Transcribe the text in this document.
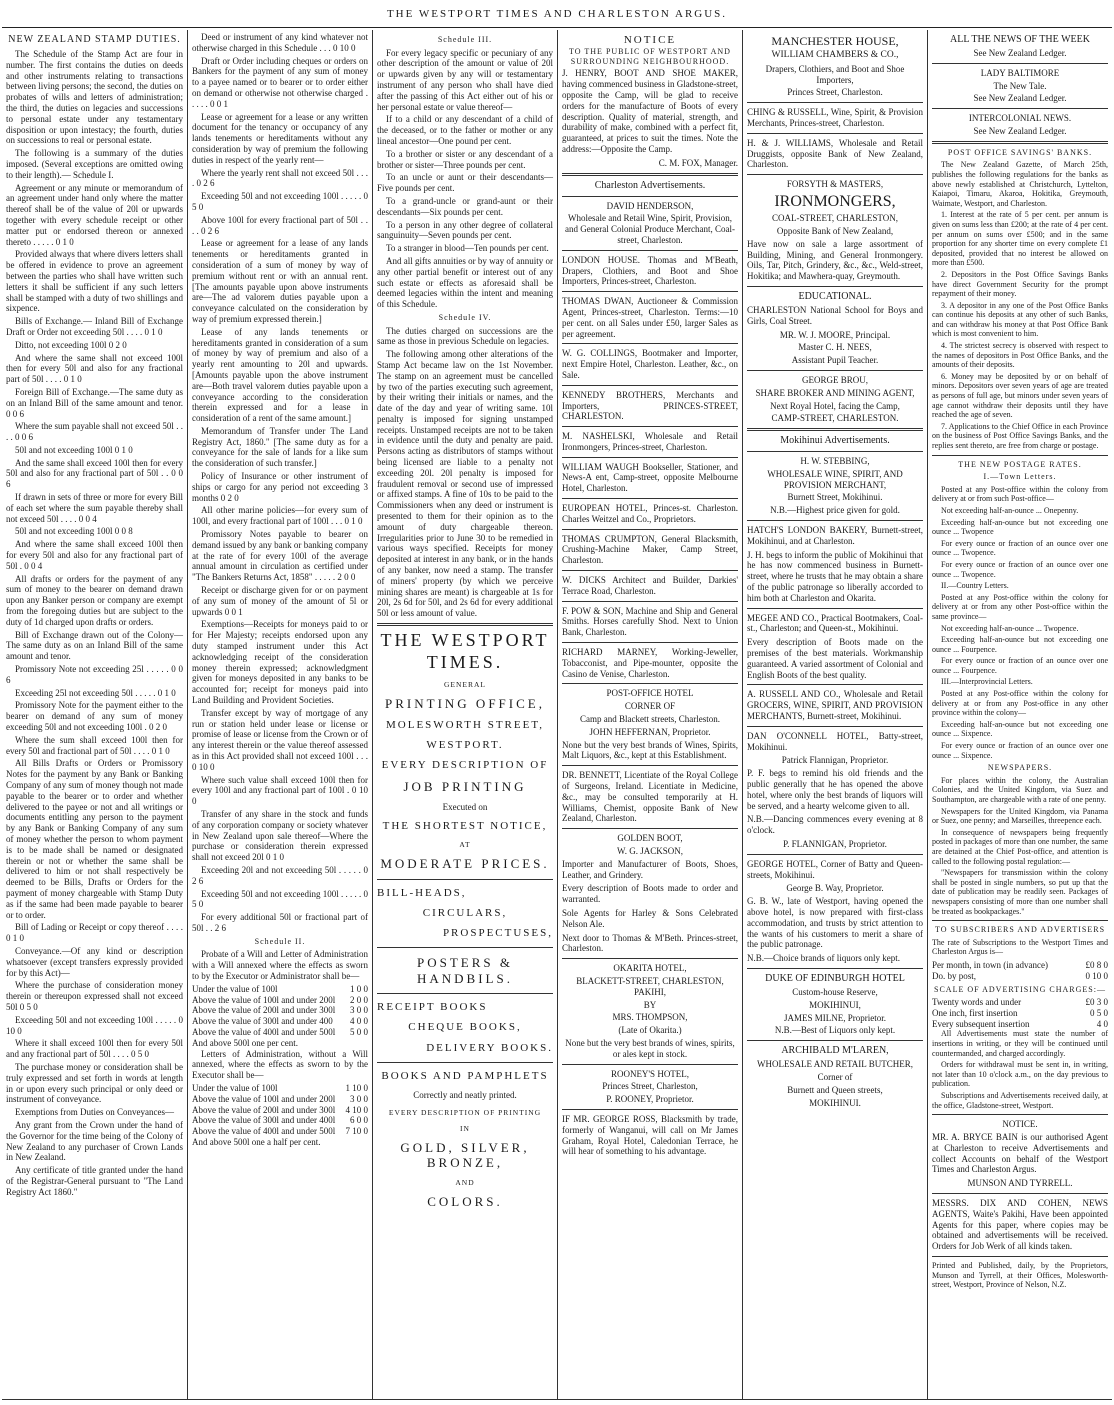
THE WESTPORT TIMES AND CHARLESTON ARGUS.
NEW ZEALAND STAMP DUTIES.

The Schedule of the Stamp Act are four in number. The first contains the duties on deeds and other instruments relating to transactions between living persons; the second, the duties on probates of wills and letters of administration; the third, the duties on legacies and successions to personal estate under any testamentary disposition or upon intestacy; the fourth, duties on successions to real or personal estate.

The following is a summary of the duties imposed. (Several exceptions are omitted owing to their length).— Schedule I.

Agreement or any minute or memorandum of an agreement under hand only where the matter thereof shall be of the value of 20l or upwards together with every schedule receipt or other matter put or endorsed thereon or annexed thereto . . . . . 0 1 0

Provided always that where divers letters shall be offered in evidence to prove an agreement between the parties who shall have written such letters it shall be sufficient if any such letters shall be stamped with a duty of two shillings and sixpence.

Bills of Exchange.— Inland Bill of Exchange Draft or Order not exceeding 50l . . . . 0 1 0

Ditto, not exceeding 100l 0 2 0

And where the same shall not exceed 100l then for every 50l and also for any fractional part of 50l . . . . 0 1 0

Foreign Bill of Exchange.—The same duty as on an Inland Bill of the same amount and tenor. 0 0 6

Where the sum payable shall not exceed 50l . . . . 0 0 6

50l and not exceeding 100l 0 1 0

And the same shall exceed 100l then for every 50l and also for any fractional part of 50l . . 0 0 6

If drawn in sets of three or more for every Bill of each set where the sum payable thereby shall not exceed 50l . . . . 0 0 4

50l and not exceeding 100l 0 0 8

And where the same shall exceed 100l then for every 50l and also for any fractional part of 50l . 0 0 4

All drafts or orders for the payment of any sum of money to the bearer on demand drawn upon any Banker person or company are exempt from the foregoing duties but are subject to the duty of 1d charged upon drafts or orders.

Bill of Exchange drawn out of the Colony—The same duty as on an Inland Bill of the same amount and tenor.

Promissory Note not exceeding 25l . . . . . 0 0 6

Exceeding 25l not exceeding 50l . . . . . 0 1 0

Promissory Note for the payment either to the bearer on demand of any sum of money exceeding 50l and not exceeding 100l . 0 2 0

Where the sum shall exceed 100l then for every 50l and fractional part of 50l . . . . 0 1 0

All Bills Drafts or Orders or Promissory Notes for the payment by any Bank or Banking Company of any sum of money though not made payable to the bearer or to order and whether delivered to the payee or not and all writings or documents entitling any person to the payment by any Bank or Banking Company of any sum of money whether the person to whom payment is to be made shall be named or designated therein or not or whether the same shall be delivered to him or not shall respectively be deemed to be Bills, Drafts or Orders for the payment of money chargeable with Stamp Duty as if the same had been made payable to bearer or to order.

Bill of Lading or Receipt or copy thereof . . . . 0 1 0

Conveyance.—Of any kind or description whatsoever (except transfers expressly provided for by this Act)—

Where the purchase of consideration money therein or thereupon expressed shall not exceed 50l 0 5 0

Exceeding 50l and not exceeding 100l . . . . . 0 10 0

Where it shall exceed 100l then for every 50l and any fractional part of 50l . . . . 0 5 0

The purchase money or consideration shall be truly expressed and set forth in words at length in or upon every such principal or only deed or instrument of conveyance.

Exemptions from Duties on Conveyances—

Any grant from the Crown under the hand of the Governor for the time being of the Colony of New Zealand to any purchaser of Crown Lands in New Zealand.

Any certificate of title granted under the hand of the Registrar-General pursuant to "The Land Registry Act 1860."

Deed or instrument of any kind whatever not otherwise charged in this Schedule . . . 0 10 0

Draft or Order including cheques or orders on Bankers for the payment of any sum of money to a payee named or to bearer or to order either on demand or otherwise not otherwise charged . . . . . 0 0 1

Lease or agreement for a lease or any written document for the tenancy or occupancy of any lands tenements or hereditaments without any consideration by way of premium the following duties in respect of the yearly rent—

Where the yearly rent shall not exceed 50l . . . . 0 2 6

Exceeding 50l and not exceeding 100l . . . . . 0 5 0

Above 100l for every fractional part of 50l . . . . 0 2 6

Lease or agreement for a lease of any lands tenements or hereditaments granted in consideration of a sum of money by way of premium without rent or with an annual rent. [The amounts payable upon above instruments are—The ad valorem duties payable upon a conveyance calculated on the consideration by way of premium expressed therein.]

Lease of any lands tenements or hereditaments granted in consideration of a sum of money by way of premium and also of a yearly rent amounting to 20l and upwards. [Amounts payable upon the above instrument are—Both travel valorem duties payable upon a conveyance according to the consideration therein expressed and for a lease in consideration of a rent of the same amount.]

Memorandum of Transfer under The Land Registry Act, 1860." [The same duty as for a conveyance for the sale of lands for a like sum the consideration of such transfer.]

Policy of Insurance or other instrument of ships or cargo for any period not exceeding 3 months 0 2 0

All other marine policies—for every sum of 100l, and every fractional part of 100l . . . 0 1 0

Promissory Notes payable to bearer on demand issued by any bank or banking company at the rate of for every 100l of the average annual amount in circulation as certified under "The Bankers Returns Act, 1858" . . . . . 2 0 0

Receipt or discharge given for or on payment of any sum of money of the amount of 5l or upwards 0 0 1

Exemptions—Receipts for moneys paid to or for Her Majesty; receipts endorsed upon any duty stamped instrument under this Act acknowledging receipt of the consideration money therein expressed; acknowledgment given for moneys deposited in any banks to be accounted for; receipt for moneys paid into Land Building and Provident Societies.

Transfer except by way of mortgage of any run or station held under lease or license or promise of lease or license from the Crown or of any interest therein or the value thereof assessed as in this Act provided shall not exceed 100l . . . 0 10 0

Where such value shall exceed 100l then for every 100l and any fractional part of 100l . 0 10 0

Transfer of any share in the stock and funds of any corporation company or society whatever in New Zealand upon sale thereof—Where the purchase or consideration therein expressed shall not exceed 20l 0 1 0

Exceeding 20l and not exceeding 50l . . . . . 0 2 6

Exceeding 50l and not exceeding 100l . . . . . 0 5 0

For every additional 50l or fractional part of 50l . . 2 6

Schedule II.

Probate of a Will and Letter of Administration with a Will annexed where the effects as sworn to by the Executor or Administrator shall be—

Under the value of 100l	1 0 0
Above the value of 100l and under 200l 2 0 0
Above the value of 200l and under 300l 3 0 0
Above the value of 300l and under 400 4 0 0
Above the value of 400l and under 500l 5 0 0
And above 500l one per cent.

Letters of Administration, without a Will annexed, where the effects as sworn to by the Executor shall be—

Under the value of 100l	1 10 0
Above the value of 100l and under 200l 3 0 0
Above the value of 200l and under 300l 4 10 0
Above the value of 300l and under 400l 6 0 0
Above the value of 400l and under 500l 7 10 0
And above 500l one a half per cent.
Schedule III.

For every legacy specific or pecuniary of any other description of the amount or value of 20l or upwards given by any will or testamentary instrument of any person who shall have died after the passing of this Act either out of his or her personal estate or value thereof—

If to a child or any descendant of a child of the deceased, or to the father or mother or any lineal ancestor—One pound per cent.

To a brother or sister or any descendant of a brother or sister—Three pounds per cent.

To an uncle or aunt or their descendants—Five pounds per cent.

To a grand-uncle or grand-aunt or their descendants—Six pounds per cent.

To a person in any other degree of collateral sanguinuity—Seven pounds per cent.

To a stranger in blood—Ten pounds per cent.

And all gifts annuities or by way of annuity or any other partial benefit or interest out of any such estate or effects as aforesaid shall be deemed legacies within the intent and meaning of this Schedule.

Schedule IV.

The duties charged on successions are the same as those in previous Schedule on legacies.

The following among other alterations of the Stamp Act became law on the 1st November. The stamp on an agreement must be cancelled by two of the parties executing such agreement, by their writing their initials or names, and the date of the day and year of writing same. 10l penalty is imposed for signing unstamped receipts. Unstamped receipts are not to be taken in evidence until the duty and penalty are paid. Persons acting as distributors of stamps without being licensed are liable to a penalty not exceeding 20l. 20l penalty is imposed for fraudulent removal or second use of impressed or affixed stamps. A fine of 10s to be paid to the Commissioners when any deed or instrument is presented to them for their opinion as to the amount of duty chargeable thereon. Irregularities prior to June 30 to be remedied in various ways specified. Receipts for money deposited at interest in any bank, or in the hands of any banker, now need a stamp. The transfer of miners' property (by which we perceive mining shares are meant) is chargeable at 1s for 20l, 2s 6d for 50l, and 2s 6d for every additional 50l or less amount of value.

THE WESTPORT TIMES.
GENERAL
PRINTING OFFICE,
MOLESWORTH STREET,
WESTPORT.
EVERY DESCRIPTION OF
JOB PRINTING
Executed on
THE SHORTEST NOTICE,
AT
MODERATE PRICES.
BILL-HEADS,
CIRCULARS,
PROSPECTUSES,
POSTERS & HANDBILS.
RECEIPT BOOKS
CHEQUE BOOKS,
DELIVERY BOOKS.
BOOKS AND PAMPHLETS
Correctly and neatly printed.
EVERY DESCRIPTION OF PRINTING
IN
GOLD, SILVER, BRONZE,
AND
COLORS.
NOTICE
TO THE PUBLIC OF WESTPORT AND SURROUNDING NEIGHBOURHOOD.
J. HENRY, BOOT AND SHOE MAKER, having commenced business in Gladstone-street, opposite the Camp, will be glad to receive orders for the manufacture of Boots of every description. Quality of material, strength, and durability of make, combined with a perfect fit, guaranteed, at prices to suit the times. Note the address:—Opposite the Camp.
C. M. FOX, Manager.
Charleston Advertisements.
DAVID HENDERSON,
Wholesale and Retail Wine, Spirit, Provision, and General Colonial Produce Merchant, Coal-street, Charleston.
LONDON HOUSE. Thomas and M'Beath, Drapers, Clothiers, and Boot and Shoe Importers, Princes-street, Charleston.
THOMAS DWAN, Auctioneer & Commission Agent, Princes-street, Charleston. Terms:—10 per cent. on all Sales under £50, larger Sales as per agreement.
W. G. COLLINGS, Bootmaker and Importer, next Empire Hotel, Charleston. Leather, &c., on Sale.
KENNEDY BROTHERS, Merchants and Importers, PRINCES-STREET, CHARLESTON.
M. NASHELSKI, Wholesale and Retail Ironmongers, Princes-street, Charleston.
WILLIAM WAUGH Bookseller, Stationer, and News-A ent, Camp-street, opposite Melbourne Hotel, Charleston.
EUROPEAN HOTEL, Princes-st. Charleston. Charles Weitzel and Co., Proprietors.
THOMAS CRUMPTON, General Blacksmith, Crushing-Machine Maker, Camp Street, Charleston.
W. DICKS Architect and Builder, Darkies' Terrace Road, Charleston.
F. POW & SON, Machine and Ship and General Smiths. Horses carefully Shod. Next to Union Bank, Charleston.
RICHARD MARNEY, Working-Jeweller, Tobacconist, and Pipe-mounter, opposite the Casino de Venise, Charleston.
POST-OFFICE HOTEL
CORNER OF
Camp and Blackett streets, Charleston.
JOHN HEFFERNAN, Proprietor.
None but the very best brands of Wines, Spirits, Malt Liquors, &c., kept at this Establishment.
DR. BENNETT, Licentiate of the Royal College of Surgeons, Ireland. Licentiate in Medicine, &c., may be consulted temporarily at H. Williams, Chemist, opposite Bank of New Zealand, Charleston.
GOLDEN BOOT,
W. G. JACKSON,
Importer and Manufacturer of Boots, Shoes, Leather, and Grindery.
Every description of Boots made to order and warranted.
Sole Agents for Harley & Sons Celebrated Nelson Ale.
Next door to Thomas & M'Beth. Princes-street, Charleston.
OKARITA HOTEL,
BLACKETT-STREET, CHARLESTON, PAKIHI,
BY
MRS. THOMPSON,
(Late of Okarita.)
None but the very best brands of wines, spirits, or ales kept in stock.
ROONEY'S HOTEL,
Princes Street, Charleston,
P. ROONEY, Proprietor.
IF MR. GEORGE ROSS, Blacksmith by trade, formerly of Wanganui, will call on Mr James Graham, Royal Hotel, Caledonian Terrace, he will hear of something to his advantage.
MANCHESTER HOUSE,
WILLIAM CHAMBERS & CO.,
Drapers, Clothiers, and Boot and Shoe Importers,
Princes Street, Charleston.
CHING & RUSSELL, Wine, Spirit, & Provision Merchants, Princes-street, Charleston.
H. & J. WILLIAMS, Wholesale and Retail Druggists, opposite Bank of New Zealand, Charleston.
FORSYTH & MASTERS,
IRONMONGERS,
COAL-STREET, CHARLESTON,
Opposite Bank of New Zealand,
Have now on sale a large assortment of Building, Mining, and General Ironmongery. Oils, Tar, Pitch, Grindery, &c., &c., Weld-street, Hokitika; and Mawhera-quay, Greymouth.
EDUCATIONAL.
CHARLESTON National School for Boys and Girls, Coal Street.
MR. W. J. MOORE, Principal.
Master C. H. NEES,
Assistant Pupil Teacher.
GEORGE BROU,
SHARE BROKER AND MINING AGENT,
Next Royal Hotel, facing the Camp,
CAMP-STREET, CHARLESTON.
Mokihinui Advertisements.
H. W. STEBBING,
WHOLESALE WINE, SPIRIT, AND PROVISION MERCHANT,
Burnett Street, Mokihinui.
N.B.—Highest price given for gold.
HATCH'S LONDON BAKERY, Burnett-street, Mokihinui, and at Charleston.
J. H. begs to inform the public of Mokihinui that he has now commenced business in Burnett-street, where he trusts that he may obtain a share of the public patronage so liberally accorded to him both at Charleston and Okarita.
MEGEE AND CO., Practical Bootmakers, Coal-st., Charleston; and Queen-st., Mokihinui.
Every description of Boots made on the premises of the best materials. Workmanship guaranteed. A varied assortment of Colonial and English Boots of the best quality.
A. RUSSELL AND CO., Wholesale and Retail GROCERS, WINE, SPIRIT, AND PROVISION MERCHANTS, Burnett-street, Mokihinui.
DAN O'CONNELL HOTEL, Batty-street, Mokihinui.
Patrick Flannigan, Proprietor.
P. F. begs to remind his old friends and the public generally that he has opened the above hotel, where only the best brands of liquors will be served, and a hearty welcome given to all.
N.B.—Dancing commences every evening at 8 o'clock.
P. FLANNIGAN, Proprietor.
GEORGE HOTEL, Corner of Batty and Queen-streets, Mokihinui.
George B. Way, Proprietor.
G. B. W., late of Westport, having opened the above hotel, is now prepared with first-class accommodation, and trusts by strict attention to the wants of his customers to merit a share of the public patronage.
N.B.—Choice brands of liquors only kept.
DUKE OF EDINBURGH HOTEL
Custom-house Reserve,
MOKIHINUI,
JAMES MILNE, Proprietor.
N.B.—Best of Liquors only kept.
ARCHIBALD M'LAREN,
WHOLESALE AND RETAIL BUTCHER,
Corner of
Burnett and Queen streets,
MOKIHINUI.
ALL THE NEWS OF THE WEEK
See New Zealand Ledger.
LADY BALTIMORE
The New Tale.
See New Zealand Ledger.
INTERCOLONIAL NEWS.
See New Zealand Ledger.
POST OFFICE SAVINGS' BANKS.

The New Zealand Gazette, of March 25th, publishes the following regulations for the banks as above newly established at Christchurch, Lyttelton, Kaiapoi, Timaru, Akaroa, Hokitika, Greymouth, Waimate, Westport, and Charleston.

1. Interest at the rate of 5 per cent. per annum is given on sums less than £200; at the rate of 4 per cent. per annum on sums over £500; and in the same proportion for any shorter time on every complete £1 deposited, provided that no interest be allowed on more than £500.

2. Depositors in the Post Office Savings Banks have direct Government Security for the prompt repayment of their money.

3. A depositor in any one of the Post Office Banks can continue his deposits at any other of such Banks, and can withdraw his money at that Post Office Bank which is most convenient to him.

4. The strictest secrecy is observed with respect to the names of depositors in Post Office Banks, and the amounts of their deposits.

6. Money may be deposited by or on behalf of minors. Depositors over seven years of age are treated as persons of full age, but minors under seven years of age cannot withdraw their deposits until they have reached the age of seven.

7. Applications to the Chief Office in each Province on the business of Post Office Savings Banks, and the replies sent thereto, are free from charge or postage.

THE NEW POSTAGE RATES.
I.—Town Letters.

Posted at any Post-office within the colony from delivery at or from such Post-office—

Not exceeding half-an-ounce ... Onepenny.

Exceeding half-an-ounce but not exceeding one ounce ... Twopence

For every ounce or fraction of an ounce over one ounce ... Twopence.

For every ounce or fraction of an ounce over one ounce ... Twopence.

II.—Country Letters.

Posted at any Post-office within the colony for delivery at or from any other Post-office within the same province—

Not exceeding half-an-ounce ... Twopence.

Exceeding half-an-ounce but not exceeding one ounce ... Fourpence.

For every ounce or fraction of an ounce over one ounce ... Fourpence.

III.—Interprovincial Letters.

Posted at any Post-office within the colony for delivery at or from any Post-office in any other province within the colony—

Exceeding half-an-ounce but not exceeding one ounce ... Sixpence.

For every ounce or fraction of an ounce over one ounce ... Sixpence.

NEWSPAPERS.

For places within the colony, the Australian Colonies, and the United Kingdom, via Suez and Southampton, are chargeable with a rate of one penny.

Newspapers for the United Kingdom, via Panama or Suez, one penny; and Marseilles, threepence each.

In consequence of newspapers being frequently posted in packages of more than one number, the same are detained at the Chief Post-office, and attention is called to the following postal regulation:—

"Newspapers for transmission within the colony shall be posted in single numbers, so put up that the date of publication may be readily seen. Packages of newspapers consisting of more than one number shall be treated as bookpackages."

TO SUBSCRIBERS AND ADVERTISERS
The rate of Subscriptions to the Westport Times and Charleston Argus is—
Per month, in town (in advance)	£0 8 0
Do. by post,	0 10 0
SCALE OF ADVERTISING CHARGES:—
Twenty words and under	£0 3 0
One inch, first insertion	0 5 0
Every subsequent insertion	4 0

All Advertisements must state the number of insertions in writing, or they will be continued until countermanded, and charged accordingly.

Orders for withdrawal must be sent in, in writing, not later than 10 o'clock a.m., on the day previous to publication.

Subscriptions and Advertisements received daily, at the office, Gladstone-street, Westport.

NOTICE.
MR. A. BRYCE BAIN is our authorised Agent at Charleston to receive Advertisements and collect Accounts on behalf of the Westport Times and Charleston Argus.
MUNSON AND TYRRELL.
MESSRS. DIX AND COHEN, NEWS AGENTS, Waite's Pakihi, Have been appointed Agents for this paper, where copies may be obtained and advertisements will be received. Orders for Job Werk of all kinds taken.
Printed and Published, daily, by the Proprietors, Munson and Tyrrell, at their Offices, Molesworth-street, Westport, Province of Nelson, N.Z.
